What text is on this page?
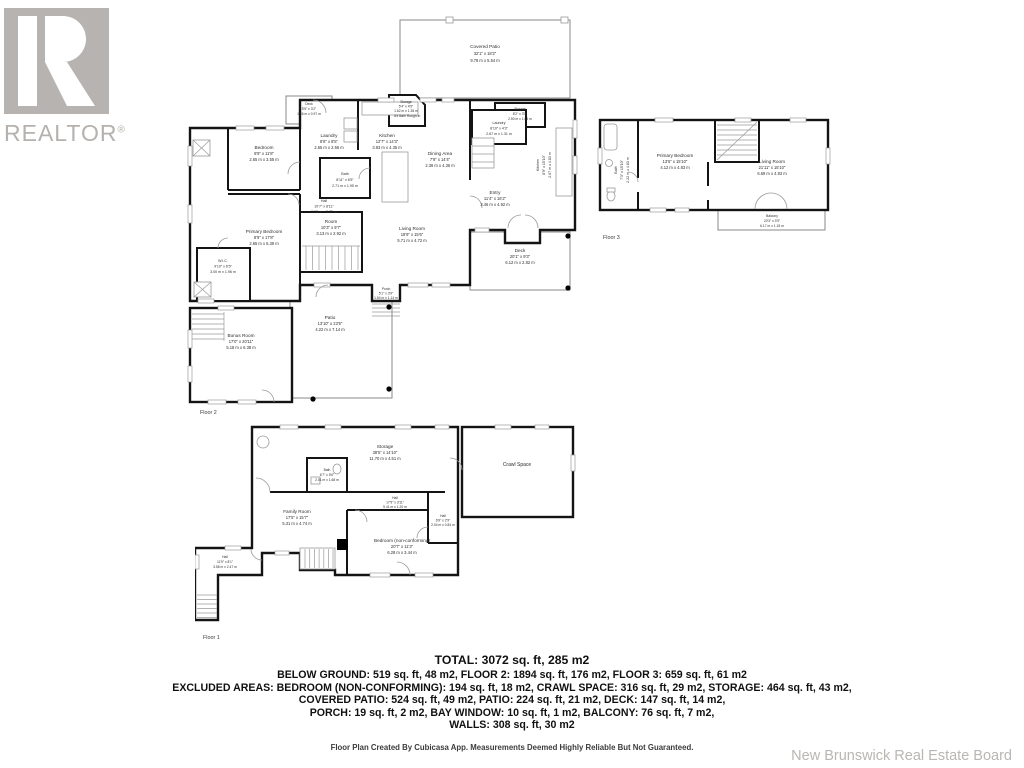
REALTOR®
Covered Patio
32'1" x 18'2"
9.78 m x 5.54 m
Storage
5'4" x 4'5"
1.62 m x 1.35 m
3/4 Bath Rough-in
Storage
8'2" x 3'5"
2.50 m x 1.05 m
Deck
5'5" x 3'2"
1.66 m x 0.97 m
Bedroom
8'9" x 11'8"
2.65 m x 3.55 m
Laundry
8'8" x 8'5"
2.65 m x 2.56 m
Kitchen
12'7" x 14'3"
3.83 m x 4.35 m
Dining Area
7'9" x 14'4"
2.36 m x 4.36 m
Living Room
18'9" x 15'6"
5.71 m x 4.72 m
Bath
8'11" x 6'5"
2.71 m x 1.95 m
Hall
10'7" x 8'11"
3.23 m x 2.72 m
Laundry
8'10" x 4'3"
2.67 m x 1.31 m
Kitchen 8'9" x 15'10" 2.67 m x 4.83 m
Entry
11'4" x 16'2"
3.46 m x 4.92 m
Deck
20'1" x 9'3"
6.12 m x 2.82 m
Primary Bedroom
8'9" x 17'8"
2.65 m x 5.39 m
Room
10'3" x 9'7"
3.13 m x 2.92 m
W.I.C.
9'10" x 6'5"
3.00 m x 1.96 m
Porch
5'1" x 3'9"
1.54 m x 1.14 m
Patio
13'10" x 23'5"
4.22 m x 7.14 m
Bonus Room
17'0" x 20'11"
5.18 m x 6.38 m
Floor 2
Bath 7'3" x 15'10" 2.22 m x 4.83 m
Primary Bedroom
13'6" x 15'10"
4.12 m x 4.83 m
Living Room
21'11" x 15'10"
6.69 m x 4.83 m
Balcony
20'3" x 3'9"
6.17 m x 1.15 m
Floor 3
Storage
38'5" x 14'10"
11.70 m x 4.51 m
Crawl Space
Bath
6'7" x 5'6"
2.01 m x 1.68 m
Hall
17'9" x 3'11"
5.41 m x 1.20 m
Hall
6'9" x 2'9"
2.04 m x 0.84 m
Family Room
17'5" x 15'7"
5.31 m x 4.74 m
Bedroom (non-conforming)
20'7" x 11'3"
6.28 m x 3.44 m
Hall
11'9" x 8'1"
3.58 m x 2.47 m
Floor 1
TOTAL: 3072 sq. ft, 285 m2
BELOW GROUND: 519 sq. ft, 48 m2, FLOOR 2: 1894 sq. ft, 176 m2, FLOOR 3: 659 sq. ft, 61 m2
EXCLUDED AREAS: BEDROOM (NON-CONFORMING): 194 sq. ft, 18 m2, CRAWL SPACE: 316 sq. ft, 29 m2, STORAGE: 464 sq. ft, 43 m2,
COVERED PATIO: 524 sq. ft, 49 m2, PATIO: 224 sq. ft, 21 m2, DECK: 147 sq. ft, 14 m2,
PORCH: 19 sq. ft, 2 m2, BAY WINDOW: 10 sq. ft, 1 m2, BALCONY: 76 sq. ft, 7 m2,
WALLS: 308 sq. ft, 30 m2
Floor Plan Created By Cubicasa App. Measurements Deemed Highly Reliable But Not Guaranteed.
New Brunswick Real Estate Board
